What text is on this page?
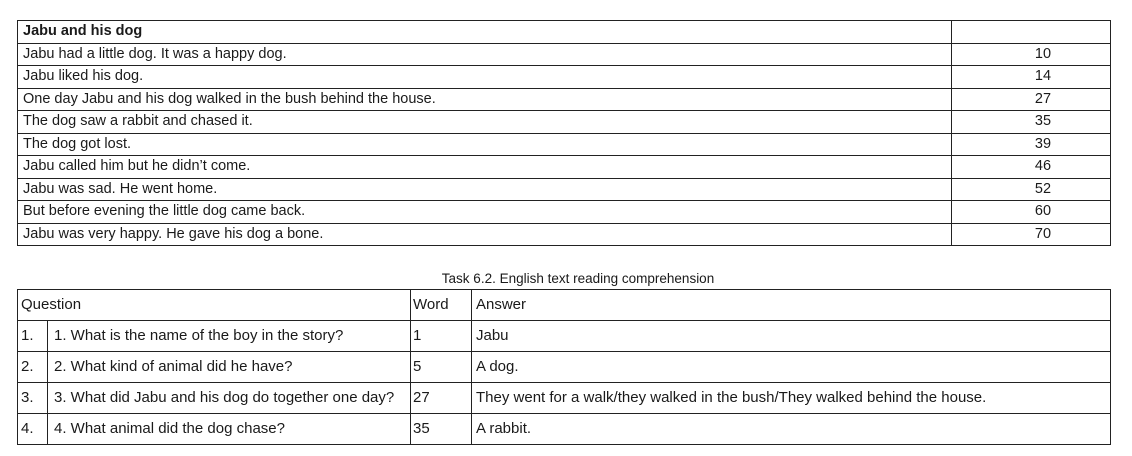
Jabu and his dog	
Jabu had a little dog. It was a happy dog.	10
Jabu liked his dog.	14
One day Jabu and his dog walked in the bush behind the house.	27
The dog saw a rabbit and chased it.	35
The dog got lost.	39
Jabu called him but he didn’t come.	46
Jabu was sad. He went home.	52
But before evening the little dog came back.	60
Jabu was very happy. He gave his dog a bone.	70
Task 6.2. English text reading comprehension
Question		Word	Answer
1.	1. What is the name of the boy in the story?	1	Jabu
2.	2. What kind of animal did he have?	5	A dog.
3.	3. What did Jabu and his dog do together one day?	27	They went for a walk/they walked in the bush/They walked behind the house.
4.	4. What animal did the dog chase?	35	A rabbit.
